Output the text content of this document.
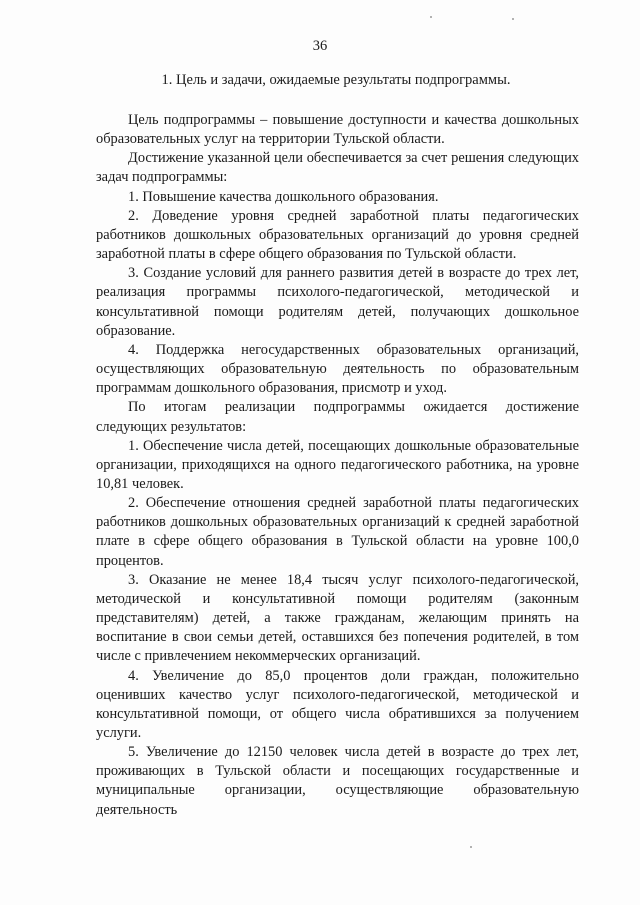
36
1. Цель и задачи, ожидаемые результаты подпрограммы.

Цель подпрограммы – повышение доступности и качества дошкольных образовательных услуг на территории Тульской области.

Достижение указанной цели обеспечивается за счет решения следующих задач подпрограммы:

1. Повышение качества дошкольного образования.

2. Доведение уровня средней заработной платы педагогических работников дошкольных образовательных организаций до уровня средней заработной платы в сфере общего образования по Тульской области.

3. Создание условий для раннего развития детей в возрасте до трех лет, реализация программы психолого-педагогической, методической и консультативной помощи родителям детей, получающих дошкольное образование.

4. Поддержка негосударственных образовательных организаций, осуществляющих образовательную деятельность по образовательным программам дошкольного образования, присмотр и уход.

По итогам реализации подпрограммы ожидается достижение следующих результатов:

1. Обеспечение числа детей, посещающих дошкольные образовательные организации, приходящихся на одного педагогического работника, на уровне 10,81 человек.

2. Обеспечение отношения средней заработной платы педагогических работников дошкольных образовательных организаций к средней заработной плате в сфере общего образования в Тульской области на уровне 100,0 процентов.

3. Оказание не менее 18,4 тысяч услуг психолого-педагогической, методической и консультативной помощи родителям (законным представителям) детей, а также гражданам, желающим принять на воспитание в свои семьи детей, оставшихся без попечения родителей, в том числе с привлечением некоммерческих организаций.

4. Увеличение до 85,0 процентов доли граждан, положительно оценивших качество услуг психолого-педагогической, методической и консультативной помощи, от общего числа обратившихся за получением услуги.

5. Увеличение до 12150 человек числа детей в возрасте до трех лет, проживающих в Тульской области и посещающих государственные и муниципальные организации, осуществляющие образовательную деятельность
